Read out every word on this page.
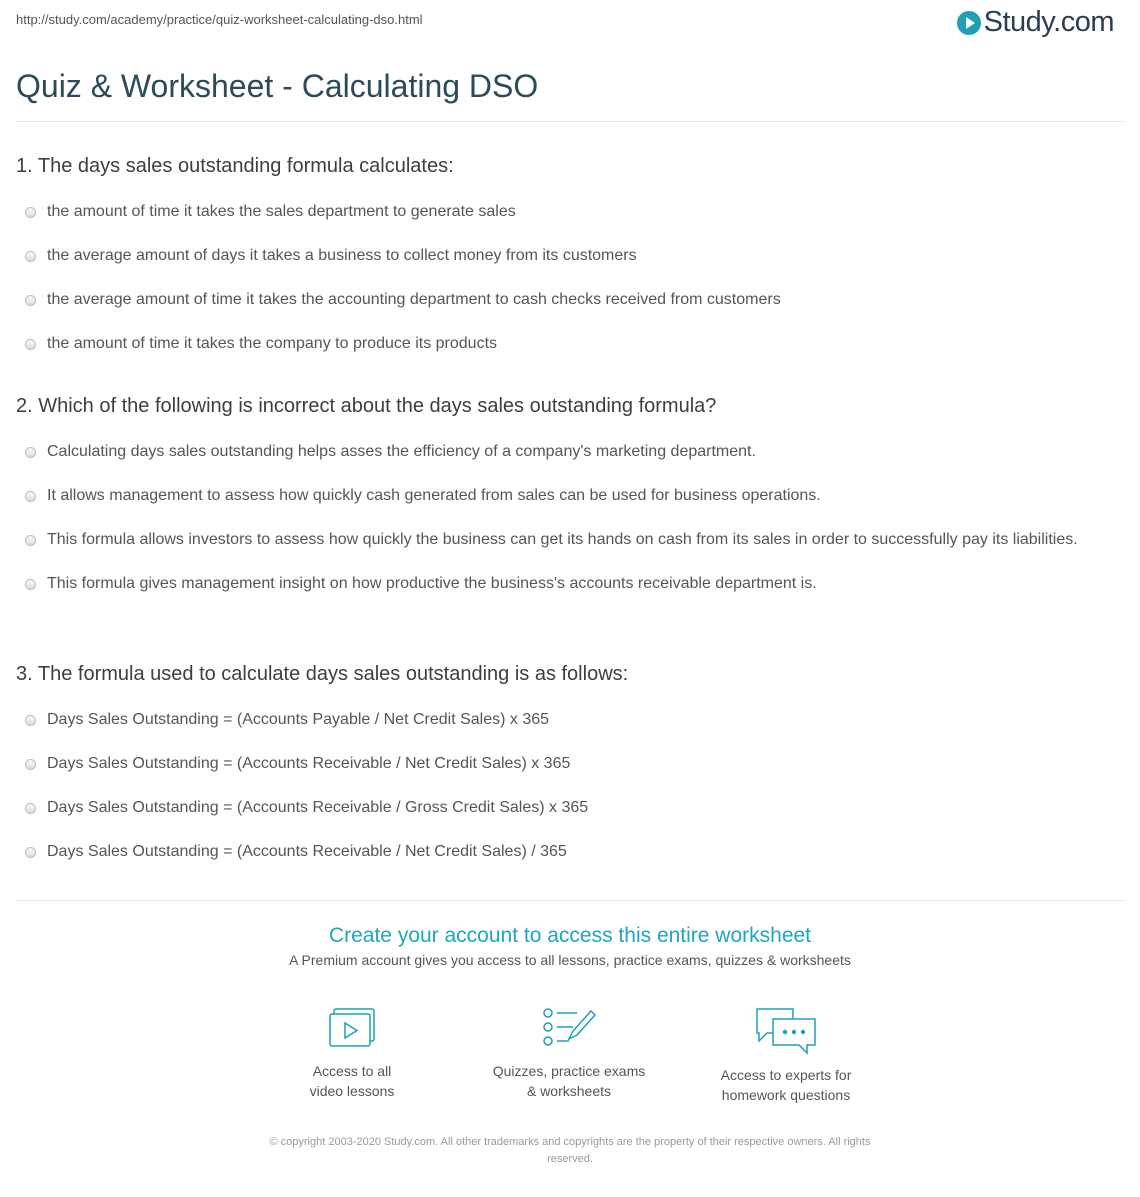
http://study.com/academy/practice/quiz-worksheet-calculating-dso.html	Study.com
Quiz & Worksheet - Calculating DSO
1. The days sales outstanding formula calculates:
the amount of time it takes the sales department to generate sales
the average amount of days it takes a business to collect money from its customers
the average amount of time it takes the accounting department to cash checks received from customers
the amount of time it takes the company to produce its products
2. Which of the following is incorrect about the days sales outstanding formula?
Calculating days sales outstanding helps asses the efficiency of a company's marketing department.
It allows management to assess how quickly cash generated from sales can be used for business operations.
This formula allows investors to assess how quickly the business can get its hands on cash from its sales in order to successfully pay its liabilities.
This formula gives management insight on how productive the business's accounts receivable department is.
3. The formula used to calculate days sales outstanding is as follows:
Days Sales Outstanding = (Accounts Payable / Net Credit Sales) x 365
Days Sales Outstanding = (Accounts Receivable / Net Credit Sales) x 365
Days Sales Outstanding = (Accounts Receivable / Gross Credit Sales) x 365
Days Sales Outstanding = (Accounts Receivable / Net Credit Sales) / 365
Create your account to access this entire worksheet
A Premium account gives you access to all lessons, practice exams, quizzes & worksheets
Access to all
video lessons
Quizzes, practice exams
& worksheets
Access to experts for
homework questions
© copyright 2003-2020 Study.com. All other trademarks and copyrights are the property of their respective owners. All rights
reserved.
